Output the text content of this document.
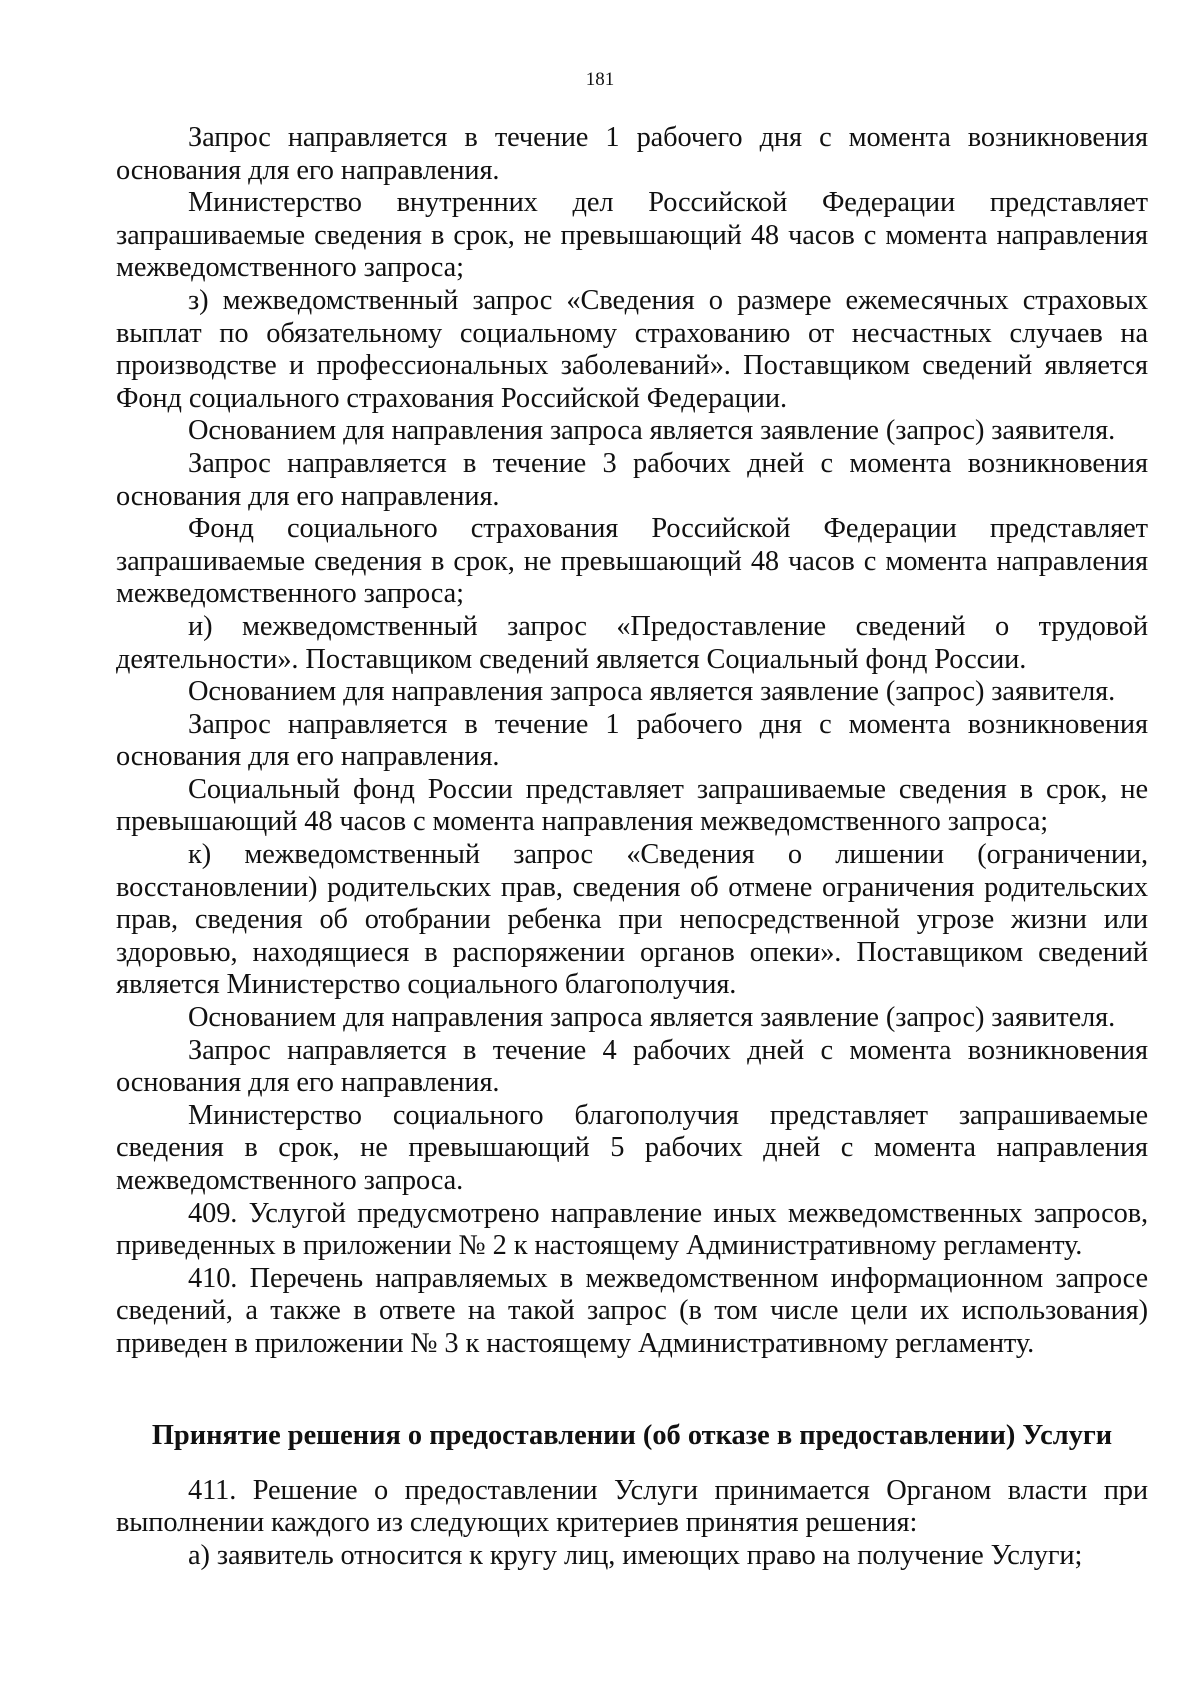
181

Запрос направляется в течение 1 рабочего дня с момента возникновения основания для его направления.

Министерство внутренних дел Российской Федерации представляет запрашиваемые сведения в срок, не превышающий 48 часов с момента направления межведомственного запроса;

з) межведомственный запрос «Сведения о размере ежемесячных страховых выплат по обязательному социальному страхованию от несчастных случаев на производстве и профессиональных заболеваний». Поставщиком сведений является Фонд социального страхования Российской Федерации.

Основанием для направления запроса является заявление (запрос) заявителя.

Запрос направляется в течение 3 рабочих дней с момента возникновения основания для его направления.

Фонд социального страхования Российской Федерации представляет запрашиваемые сведения в срок, не превышающий 48 часов с момента направления межведомственного запроса;

и) межведомственный запрос «Предоставление сведений о трудовой деятельности». Поставщиком сведений является Социальный фонд России.

Основанием для направления запроса является заявление (запрос) заявителя.

Запрос направляется в течение 1 рабочего дня с момента возникновения основания для его направления.

Социальный фонд России представляет запрашиваемые сведения в срок, не превышающий 48 часов с момента направления межведомственного запроса;

к) межведомственный запрос «Сведения о лишении (ограничении, восстановлении) родительских прав, сведения об отмене ограничения родительских прав, сведения об отобрании ребенка при непосредственной угрозе жизни или здоровью, находящиеся в распоряжении органов опеки». Поставщиком сведений является Министерство социального благополучия.

Основанием для направления запроса является заявление (запрос) заявителя.

Запрос направляется в течение 4 рабочих дней с момента возникновения основания для его направления.

Министерство социального благополучия представляет запрашиваемые сведения в срок, не превышающий 5 рабочих дней с момента направления межведомственного запроса.

409. Услугой предусмотрено направление иных межведомственных запросов, приведенных в приложении № 2 к настоящему Административному регламенту.

410. Перечень направляемых в межведомственном информационном запросе сведений, а также в ответе на такой запрос (в том числе цели их использования) приведен в приложении № 3 к настоящему Административному регламенту.

Принятие решения о предоставлении (об отказе в предоставлении) Услуги

411. Решение о предоставлении Услуги принимается Органом власти при выполнении каждого из следующих критериев принятия решения:

а) заявитель относится к кругу лиц, имеющих право на получение Услуги;
